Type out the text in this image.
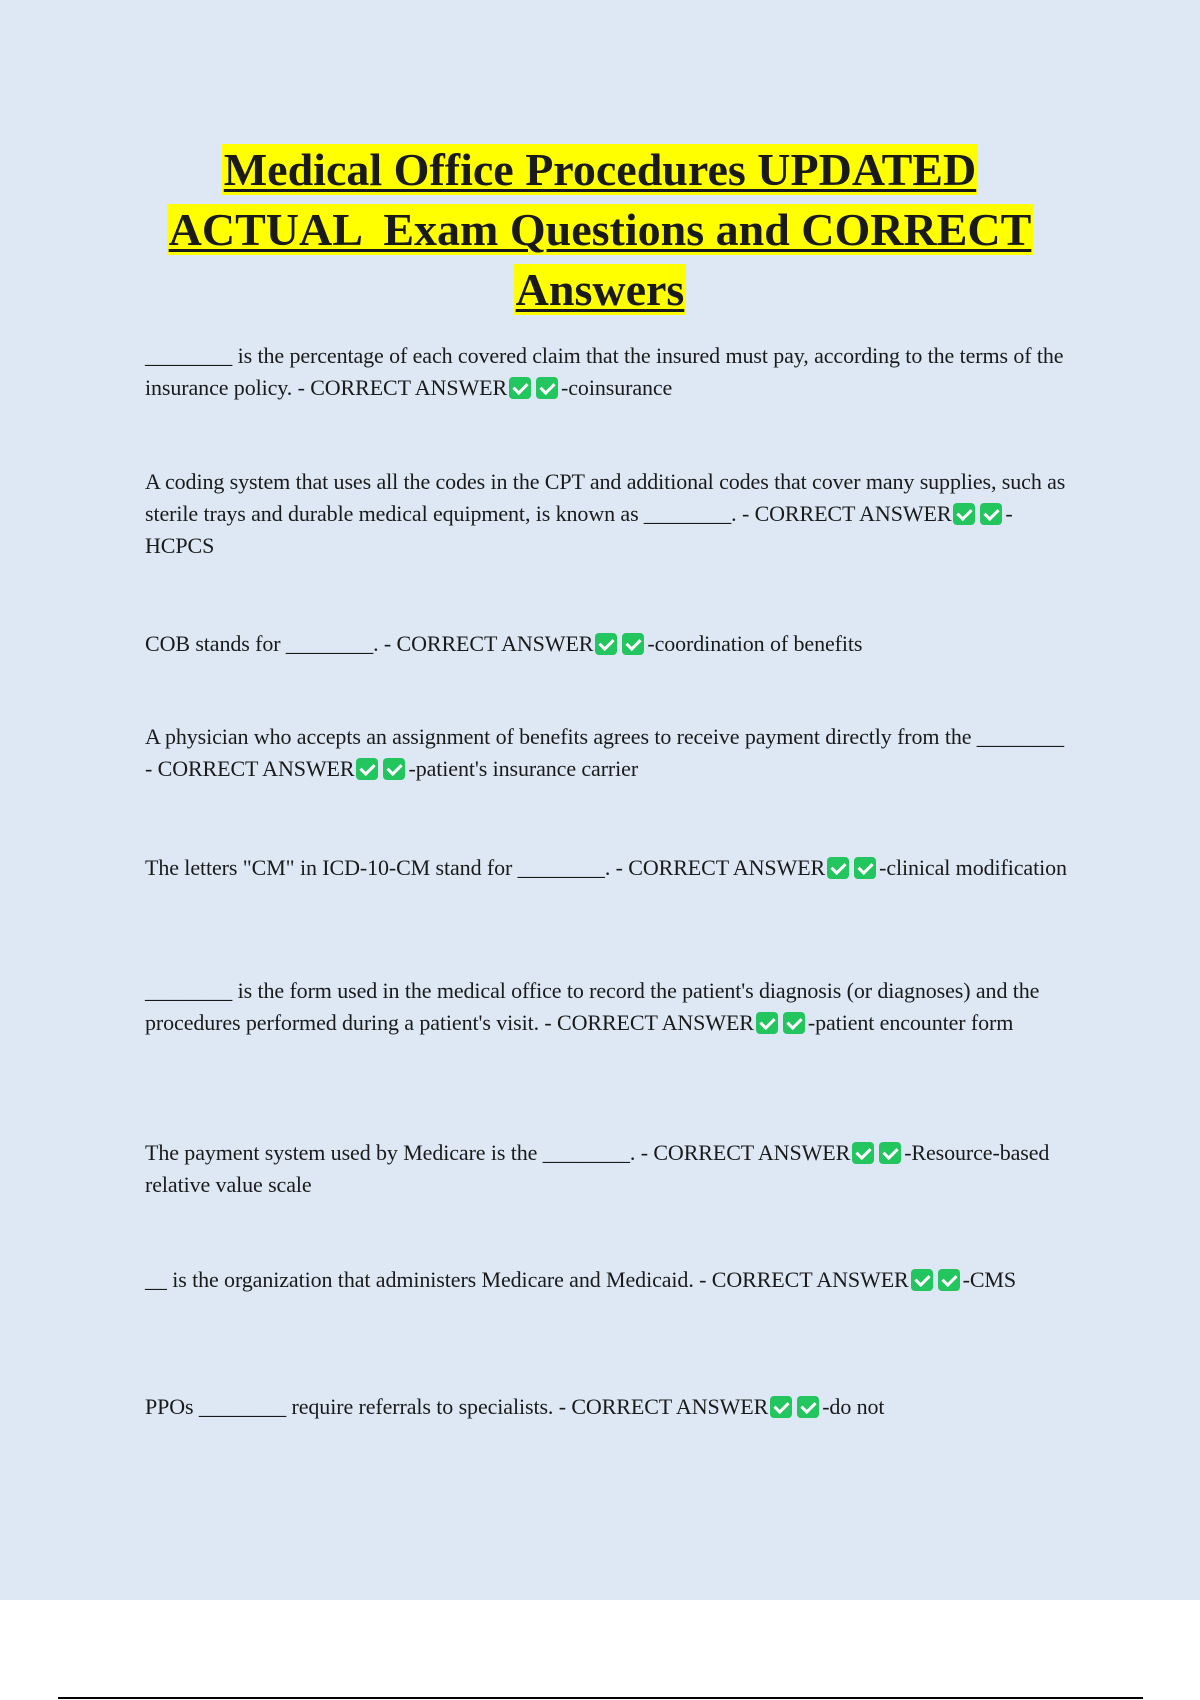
Medical Office Procedures UPDATED
ACTUAL  Exam Questions and CORRECT
Answers
________ is the percentage of each covered claim that the insured must pay, according to the terms of the insurance policy. - CORRECT ANSWER -coinsurance
A coding system that uses all the codes in the CPT and additional codes that cover many supplies, such as sterile trays and durable medical equipment, is known as ________. - CORRECT ANSWER -HCPCS
COB stands for ________. - CORRECT ANSWER -coordination of benefits
A physician who accepts an assignment of benefits agrees to receive payment directly from the ________ - CORRECT ANSWER -patient's insurance carrier
The letters "CM" in ICD-10-CM stand for ________. - CORRECT ANSWER -clinical modification
________ is the form used in the medical office to record the patient's diagnosis (or diagnoses) and the procedures performed during a patient's visit. - CORRECT ANSWER -patient encounter form
The payment system used by Medicare is the ________. - CORRECT ANSWER -Resource-based relative value scale
__ is the organization that administers Medicare and Medicaid. - CORRECT ANSWER -CMS
PPOs ________ require referrals to specialists. - CORRECT ANSWER -do not
